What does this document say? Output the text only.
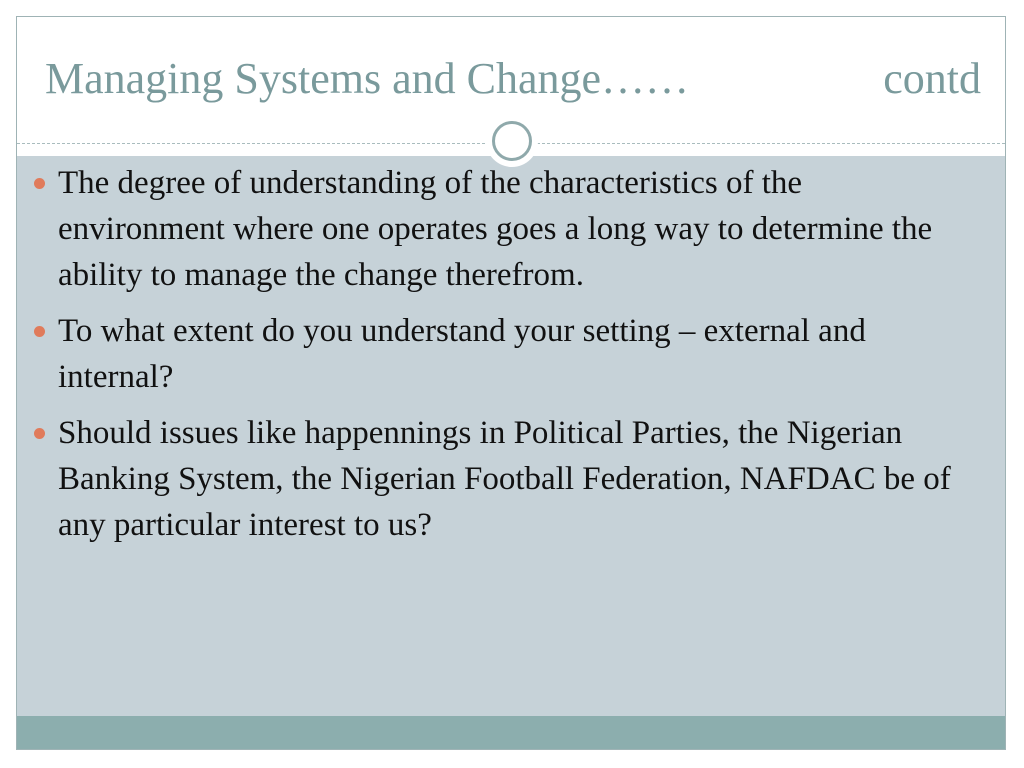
Managing Systems and Change……	contd
The degree of understanding of the characteristics of the environment where one operates goes a long way to determine the ability to manage the change therefrom.
To what extent do you understand your setting – external and internal?
Should issues like happennings in Political Parties, the Nigerian Banking System, the Nigerian Football Federation, NAFDAC be of any particular interest to us?
